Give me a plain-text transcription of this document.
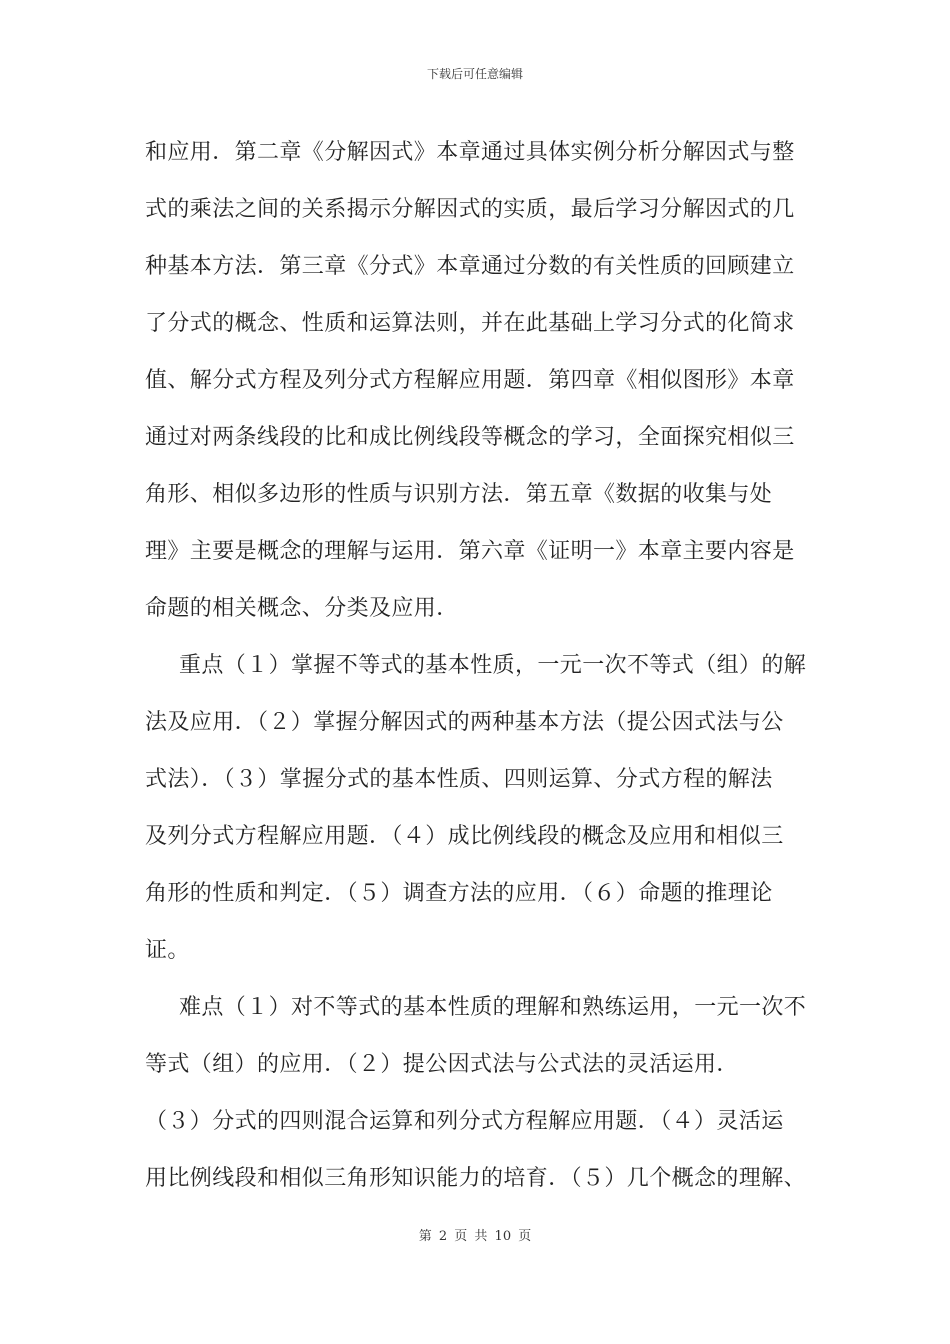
下载后可任意编辑
和应用．第二章《分解因式》本章通过具体实例分析分解因式与整
式的乘法之间的关系揭示分解因式的实质，最后学习分解因式的几
种基本方法．第三章《分式》本章通过分数的有关性质的回顾建立
了分式的概念、性质和运算法则，并在此基础上学习分式的化简求
值、解分式方程及列分式方程解应用题．第四章《相似图形》本章
通过对两条线段的比和成比例线段等概念的学习，全面探究相似三
角形、相似多边形的性质与识别方法．第五章《数据的收集与处
理》主要是概念的理解与运用．第六章《证明一》本章主要内容是
命题的相关概念、分类及应用．
重点（１）掌握不等式的基本性质，一元一次不等式（组）的解
法及应用．（２）掌握分解因式的两种基本方法（提公因式法与公
式法）．（３）掌握分式的基本性质、四则运算、分式方程的解法
及列分式方程解应用题．（４）成比例线段的概念及应用和相似三
角形的性质和判定．（５）调查方法的应用．（６）命题的推理论
证。
难点（１）对不等式的基本性质的理解和熟练运用，一元一次不
等式（组）的应用．（２）提公因式法与公式法的灵活运用．
（３）分式的四则混合运算和列分式方程解应用题．（４）灵活运
用比例线段和相似三角形知识能力的培育．（５）几个概念的理解、
第 2 页 共 10 页
